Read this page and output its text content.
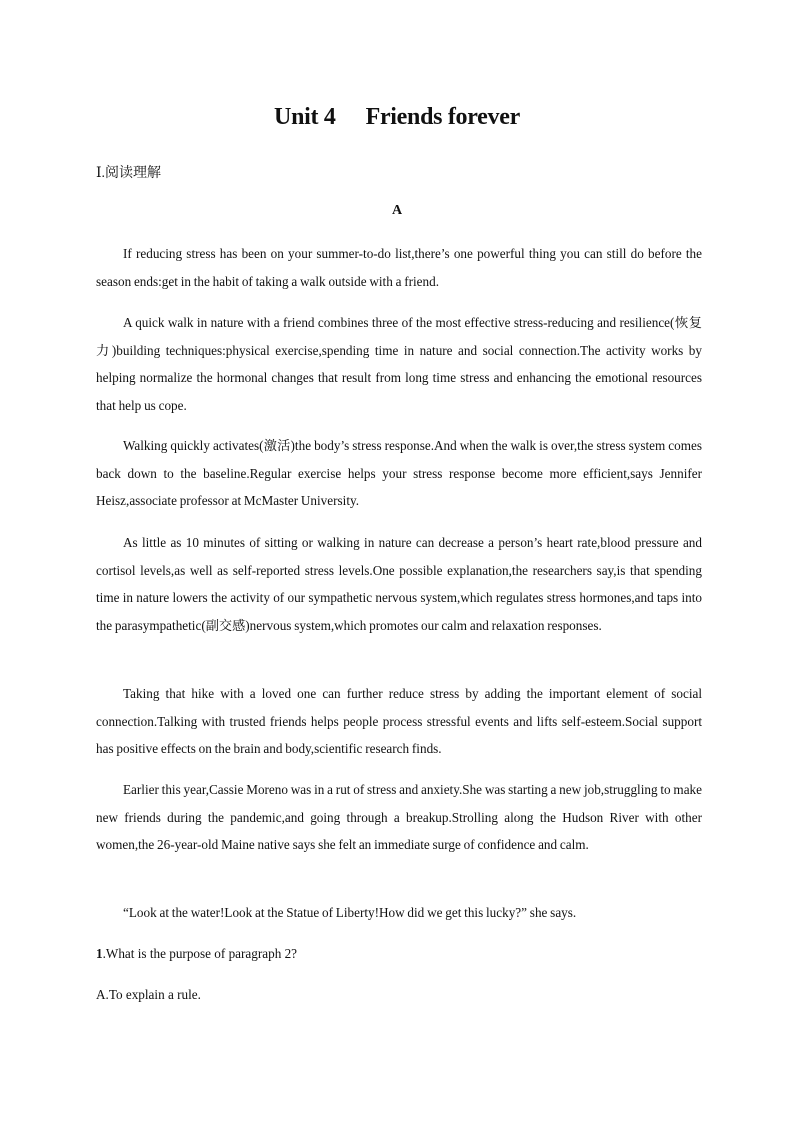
Unit 4 Friends forever
Ⅰ.阅读理解
A

If reducing stress has been on your summer-to-do list,there’s one powerful thing you can still do before the season ends:get in the habit of taking a walk outside with a friend.

A quick walk in nature with a friend combines three of the most effective stress-reducing and resilience(恢复力)building techniques:physical exercise,spending time in nature and social connection.The activity works by helping normalize the hormonal changes that result from long time stress and enhancing the emotional resources that help us cope.

Walking quickly activates(激活)the body’s stress response.And when the walk is over,the stress system comes back down to the baseline.Regular exercise helps your stress response become more efficient,says Jennifer Heisz,associate professor at McMaster University.

As little as 10 minutes of sitting or walking in nature can decrease a person’s heart rate,blood pressure and cortisol levels,as well as self-reported stress levels.One possible explanation,the researchers say,is that spending time in nature lowers the activity of our sympathetic nervous system,which regulates stress hormones,and taps into the parasympathetic(副交感)nervous system,which promotes our calm and relaxation responses.

Taking that hike with a loved one can further reduce stress by adding the important element of social connection.Talking with trusted friends helps people process stressful events and lifts self-esteem.Social support has positive effects on the brain and body,scientific research finds.

Earlier this year,Cassie Moreno was in a rut of stress and anxiety.She was starting a new job,struggling to make new friends during the pandemic,and going through a breakup.Strolling along the Hudson River with other women,the 26-year-old Maine native says she felt an immediate surge of confidence and calm.

“Look at the water!Look at the Statue of Liberty!How did we get this lucky?” she says.

1.What is the purpose of paragraph 2?
A.To explain a rule.
